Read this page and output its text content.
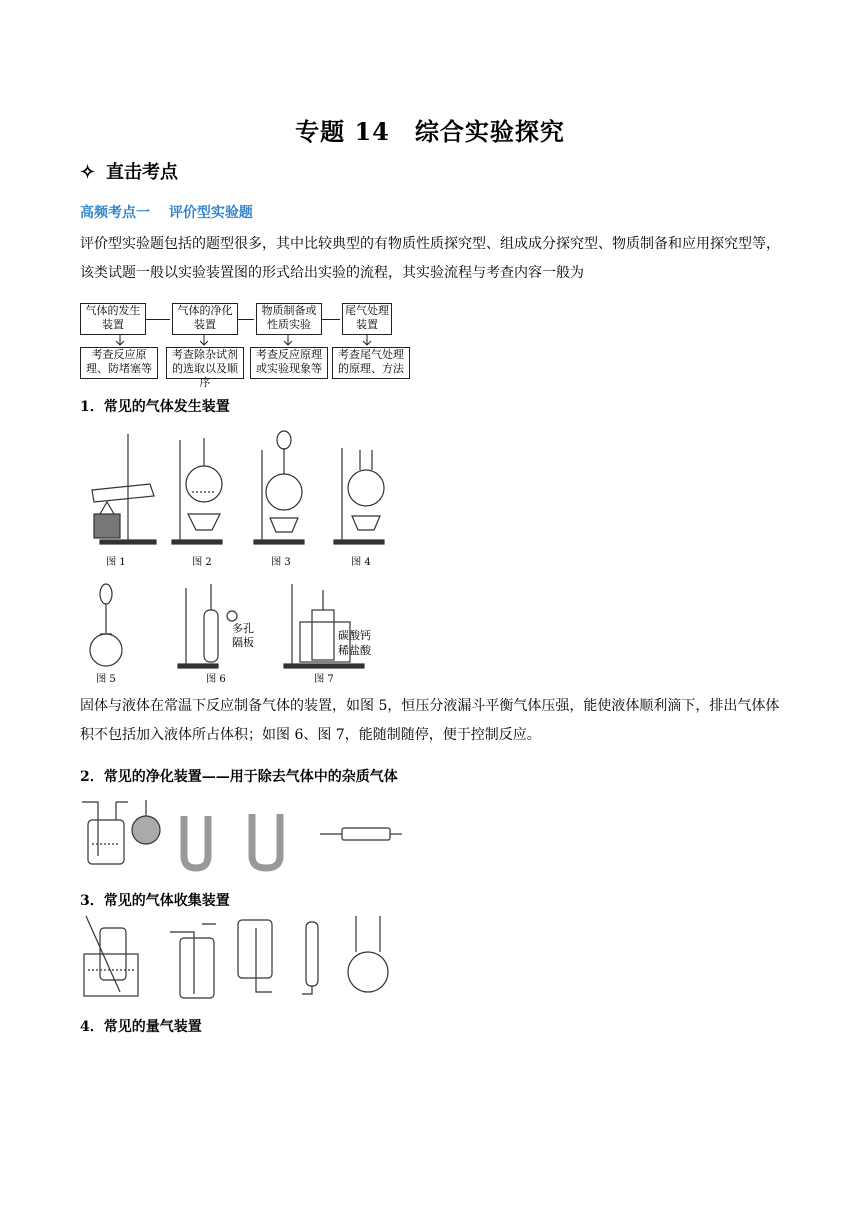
专题 14　综合实验探究
✧ 直击考点
高频考点一　 评价型实验题
评价型实验题包括的题型很多，其中比较典型的有物质性质探究型、组成成分探究型、物质制备和应用探究型等，该类试题一般以实验装置图的形式给出实验的流程，其实验流程与考查内容一般为
气体的发生装置
气体的净化装置
物质制备或性质实验
尾气处理装置
考查反应原理、防堵塞等
考查除杂试剂的选取以及顺序
考查反应原理或实验现象等
考查尾气处理的原理、方法
1．常见的气体发生装置
图 1	图 2	图 3	图 4
多孔
隔板
碳酸钙
稀盐酸
图 5	图 6	图 7
固体与液体在常温下反应制备气体的装置，如图 5，恒压分液漏斗平衡气体压强，能使液体顺利滴下，排出气体体积不包括加入液体所占体积；如图 6、图 7，能随制随停，便于控制反应。
2．常见的净化装置——用于除去气体中的杂质气体
3．常见的气体收集装置
4．常见的量气装置
